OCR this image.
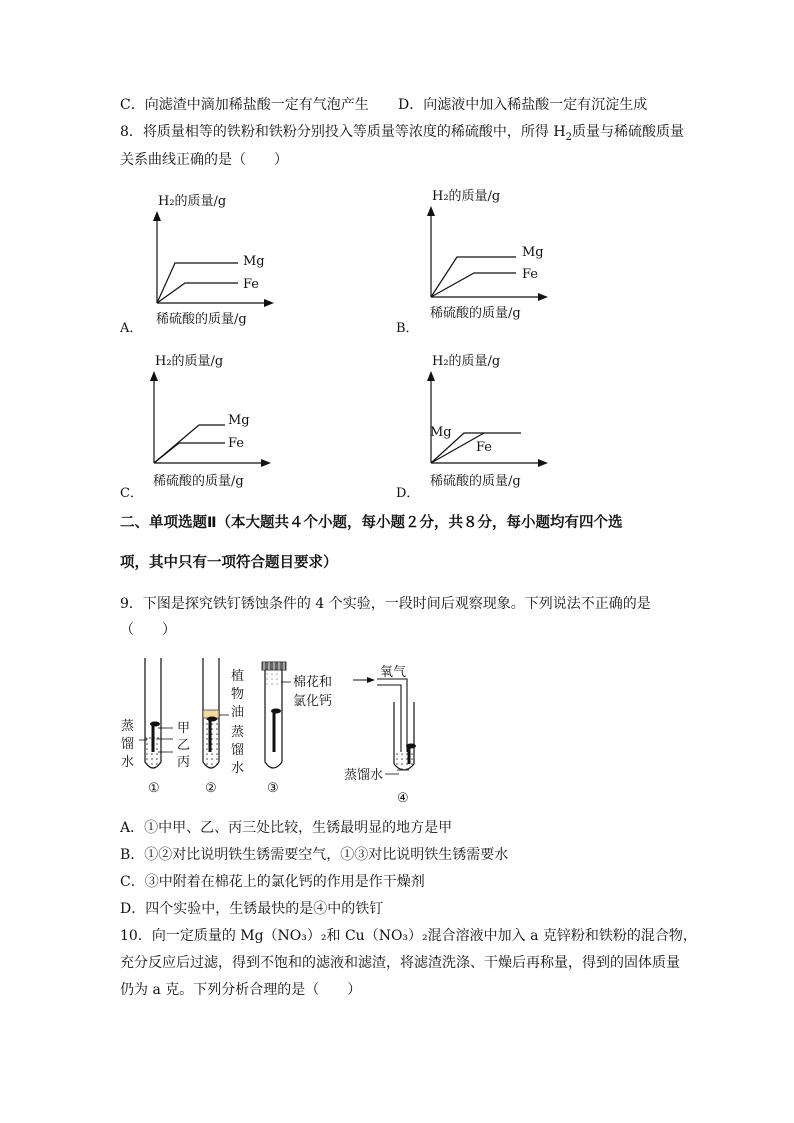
C．向滤渣中滴加稀盐酸一定有气泡产生 D．向滤液中加入稀盐酸一定有沉淀生成
8．将质量相等的铁粉和铁粉分别投入等质量等浓度的稀硫酸中，所得 $H_2$质量与稀硫酸质量
关系曲线正确的是（　　）
H₂的质量/g
Mg
Fe
稀硫酸的质量/g
A．
H₂的质量/g
Mg
Fe
稀硫酸的质量/g
B．
H₂的质量/g
Mg
Fe
稀硫酸的质量/g
C．
H₂的质量/g
Mg
Fe
稀硫酸的质量/g
D．
二、单项选题Ⅱ（本大题共４个小题，每小题２分，共８分，每小题均有四个选
项，其中只有一项符合题目要求）
9．下图是探究铁钉锈蚀条件的 4 个实验，一段时间后观察现象。下列说法不正确的是
（　　）
蒸
馏
水
甲
乙
丙
①
植
物
油
蒸
馏
水
②
棉花和
氯化钙
③
氧气
蒸馏水
④
A．①中甲、乙、丙三处比较，生锈最明显的地方是甲
B．①②对比说明铁生锈需要空气，①③对比说明铁生锈需要水
C．③中附着在棉花上的氯化钙的作用是作干燥剂
D．四个实验中，生锈最快的是④中的铁钉
10．向一定质量的 Mg（NO₃）₂和 Cu（NO₃）₂混合溶液中加入 a 克锌粉和铁粉的混合物，
充分反应后过滤，得到不饱和的滤液和滤渣，将滤渣洗涤、干燥后再称量，得到的固体质量
仍为 a 克。下列分析合理的是（　　）
